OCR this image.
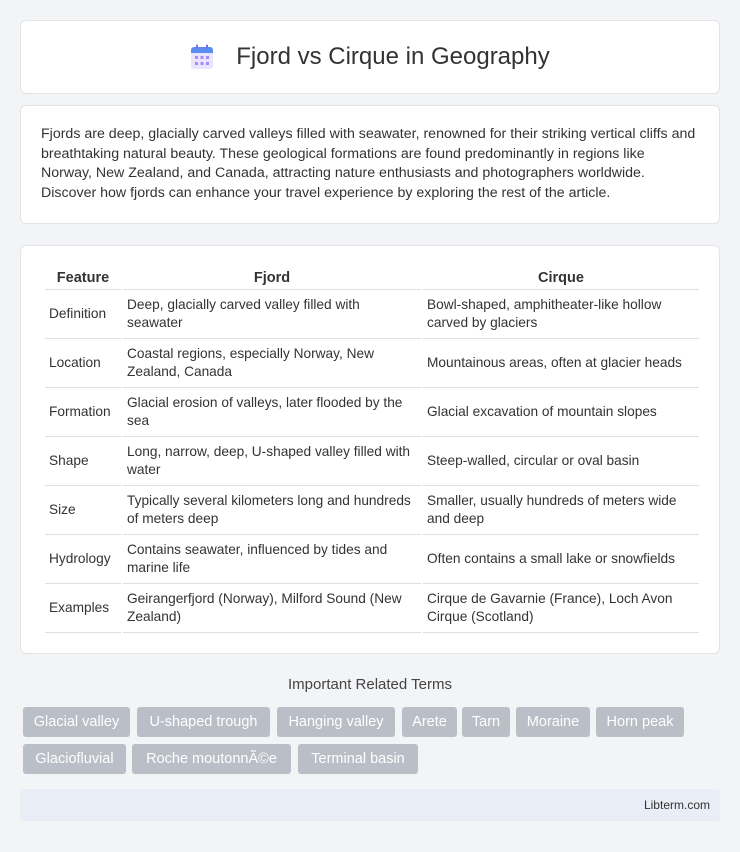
Fjord vs Cirque in Geography

Fjords are deep, glacially carved valleys filled with seawater, renowned for their striking vertical cliffs and breathtaking natural beauty. These geological formations are found predominantly in regions like Norway, New Zealand, and Canada, attracting nature enthusiasts and photographers worldwide. Discover how fjords can enhance your travel experience by exploring the rest of the article.

Feature	Fjord	Cirque
Definition	Deep, glacially carved valley filled with seawater	Bowl-shaped, amphitheater-like hollow carved by glaciers
Location	Coastal regions, especially Norway, New Zealand, Canada	Mountainous areas, often at glacier heads
Formation	Glacial erosion of valleys, later flooded by the sea	Glacial excavation of mountain slopes
Shape	Long, narrow, deep, U-shaped valley filled with water	Steep-walled, circular or oval basin
Size	Typically several kilometers long and hundreds of meters deep	Smaller, usually hundreds of meters wide and deep
Hydrology	Contains seawater, influenced by tides and marine life	Often contains a small lake or snowfields
Examples	Geirangerfjord (Norway), Milford Sound (New Zealand)	Cirque de Gavarnie (France), Loch Avon Cirque (Scotland)
Important Related Terms
Glacial valley	U-shaped trough	Hanging valley	Arete	Tarn	Moraine	Horn peak
Glaciofluvial	Roche moutonnÃ©e	Terminal basin
Libterm.com
